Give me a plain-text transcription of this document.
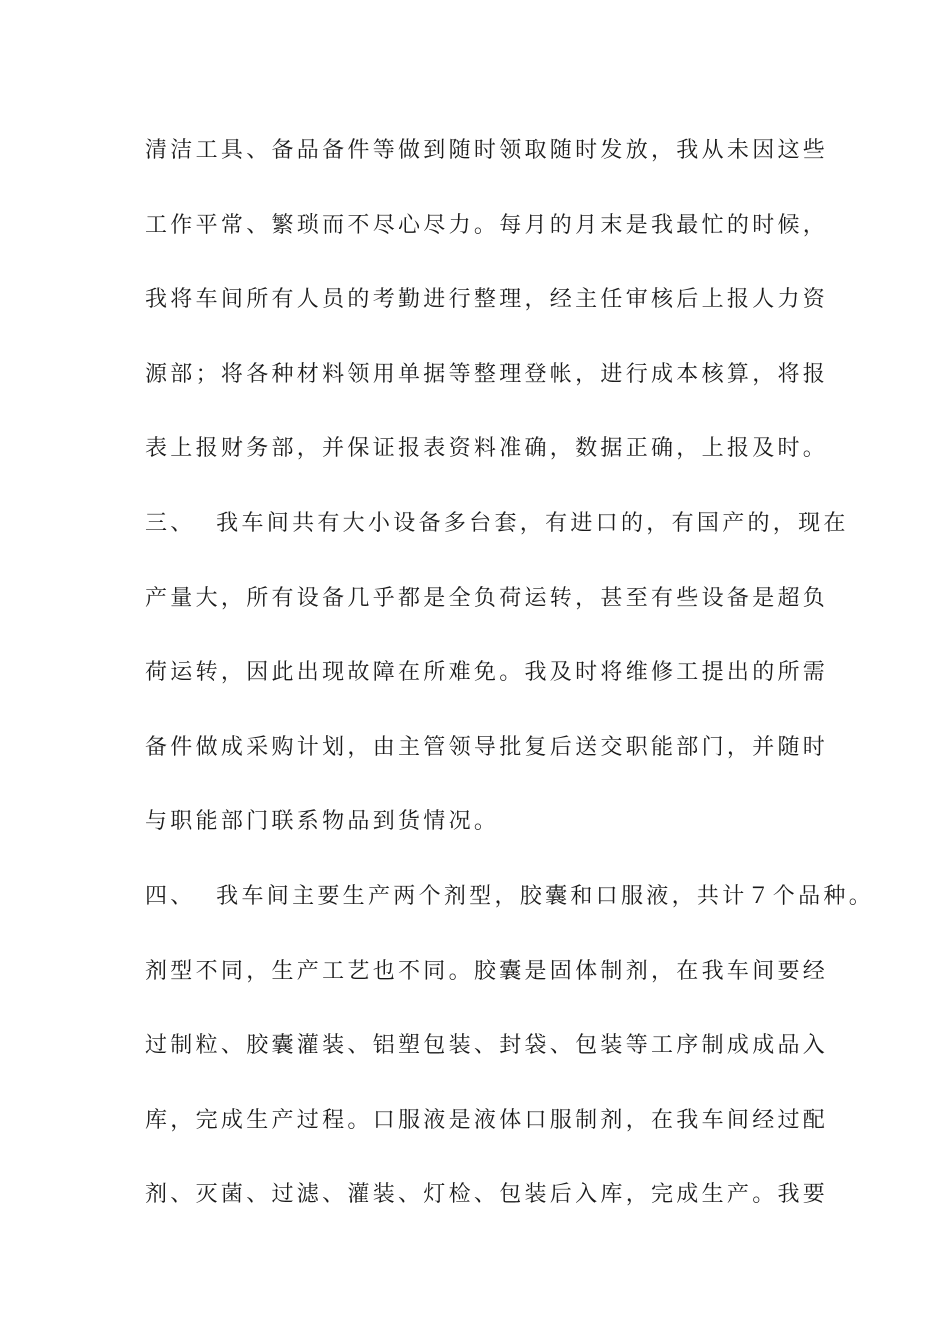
清洁工具、备品备件等做到随时领取随时发放，我从未因这些
工作平常、繁琐而不尽心尽力。每月的月末是我最忙的时候，
我将车间所有人员的考勤进行整理，经主任审核后上报人力资
源部；将各种材料领用单据等整理登帐，进行成本核算，将报
表上报财务部，并保证报表资料准确，数据正确，上报及时。
三、  我车间共有大小设备多台套，有进口的，有国产的，现在
产量大，所有设备几乎都是全负荷运转，甚至有些设备是超负
荷运转，因此出现故障在所难免。我及时将维修工提出的所需
备件做成采购计划，由主管领导批复后送交职能部门，并随时
与职能部门联系物品到货情况。
四、  我车间主要生产两个剂型，胶囊和口服液，共计７个品种。
剂型不同，生产工艺也不同。胶囊是固体制剂，在我车间要经
过制粒、胶囊灌装、铝塑包装、封袋、包装等工序制成成品入
库，完成生产过程。口服液是液体口服制剂，在我车间经过配
剂、灭菌、过滤、灌装、灯检、包装后入库，完成生产。我要
